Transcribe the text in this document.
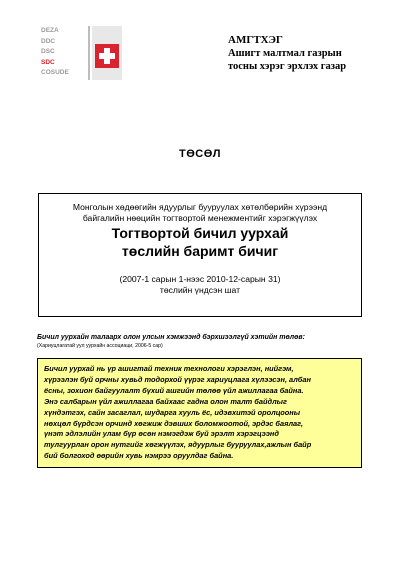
DEZA
DDC
DSC
SDC
COSUDE
АМГТХЭГ
Ашигт малтмал газрын
тосны хэрэг эрхлэх газар
ТӨСӨЛ
Монголын хөдөөгийн ядуурлыг бууруулах хөтөлбөрийн хүрээнд
байгалийн нөөцийн тогтвортой менежментийг хэрэгжүүлэх
Тогтвортой бичил уурхай
төслийн баримт бичиг
(2007-1 сарын 1-нээс 2010-12-сарын 31)
төслийн үндсэн шат
Бичил уурхайн талаарх олон улсын хэмжээнд бэрхшээлгүй хэтийн төлөв:
(Хариуцлагатай уул уурхайн ассоциаци, 2006-5 сар)
Бичил уурхай нь үр ашигтай техник технологи хэрэглэн, нийгэм,
хүрээлэн буй орчны хувьд тодорхой үүрэг хариуцлага хүлээсэн, албан
ёсны, зохион байгуулалт бүхий ашгийн төлөө үйл ажиллагаа байна.
Энэ салбарын үйл ажиллагаа байхаас гадна олон талт байдлыг
хүндэтгэх, сайн засаглал, шударга хууль ёс, идэвхитэй оролцооны
нөхцөл бүрдсэн орчинд хөгжиж дэвших боломжоотой, эрдэс баялаг,
үнэт эдлэлийн улам бүр өсөн нэмэгдэж буй эрэлт хэрэгцээнд
тулгуурлан орон нутгийг хөгжүүлэх, ядуурлыг бууруулах,ажлын байр
бий болгоход өөрийн хувь нэмрээ оруулдаг байна.
